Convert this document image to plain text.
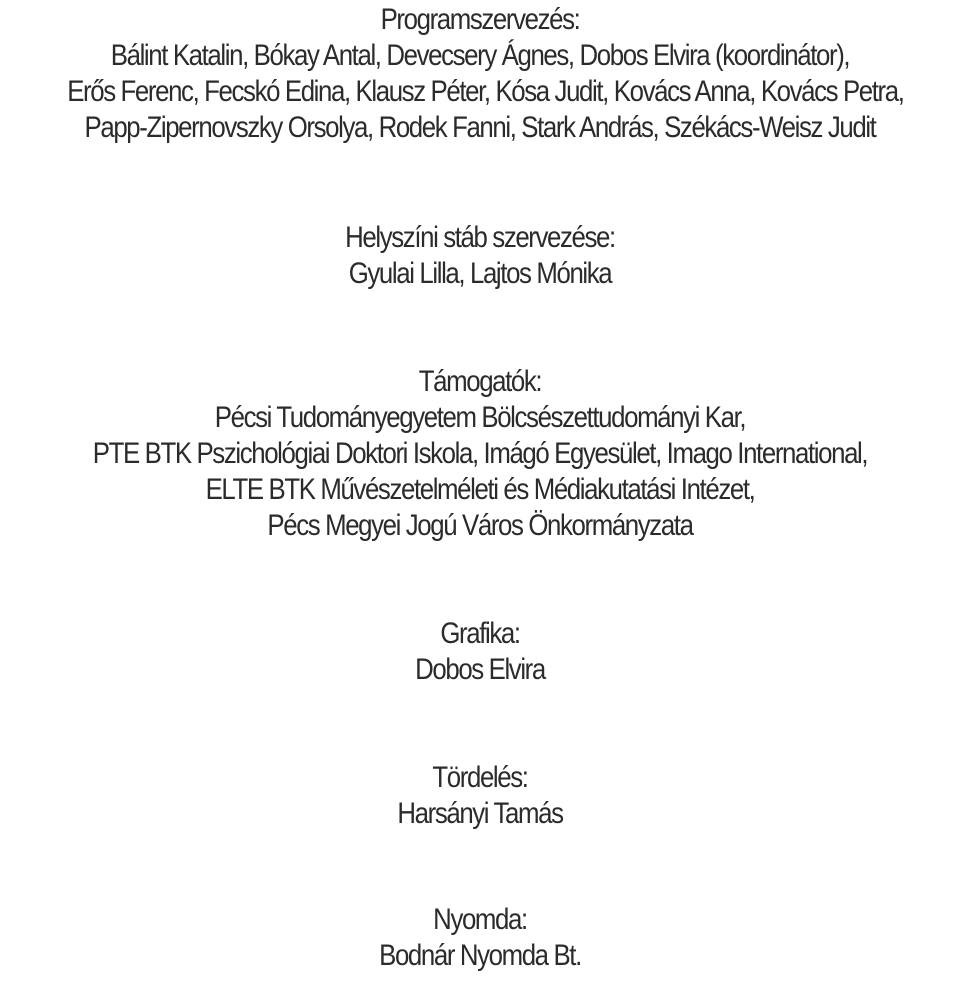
Programszervezés:

Bálint Katalin, Bókay Antal, Devecsery Ágnes, Dobos Elvira (koordinátor),

Erős Ferenc, Fecskó Edina, Klausz Péter, Kósa Judit, Kovács Anna, Kovács Petra,

Papp-Zipernovszky Orsolya, Rodek Fanni, Stark András, Székács-Weisz Judit

Helyszíni stáb szervezése:

Gyulai Lilla, Lajtos Mónika

Támogatók:

Pécsi Tudományegyetem Bölcsészettudományi Kar,

PTE BTK Pszichológiai Doktori Iskola, Imágó Egyesület, Imago International,

ELTE BTK Művészetelméleti és Médiakutatási Intézet,

Pécs Megyei Jogú Város Önkormányzata

Grafika:

Dobos Elvira

Tördelés:

Harsányi Tamás

Nyomda:

Bodnár Nyomda Bt.
